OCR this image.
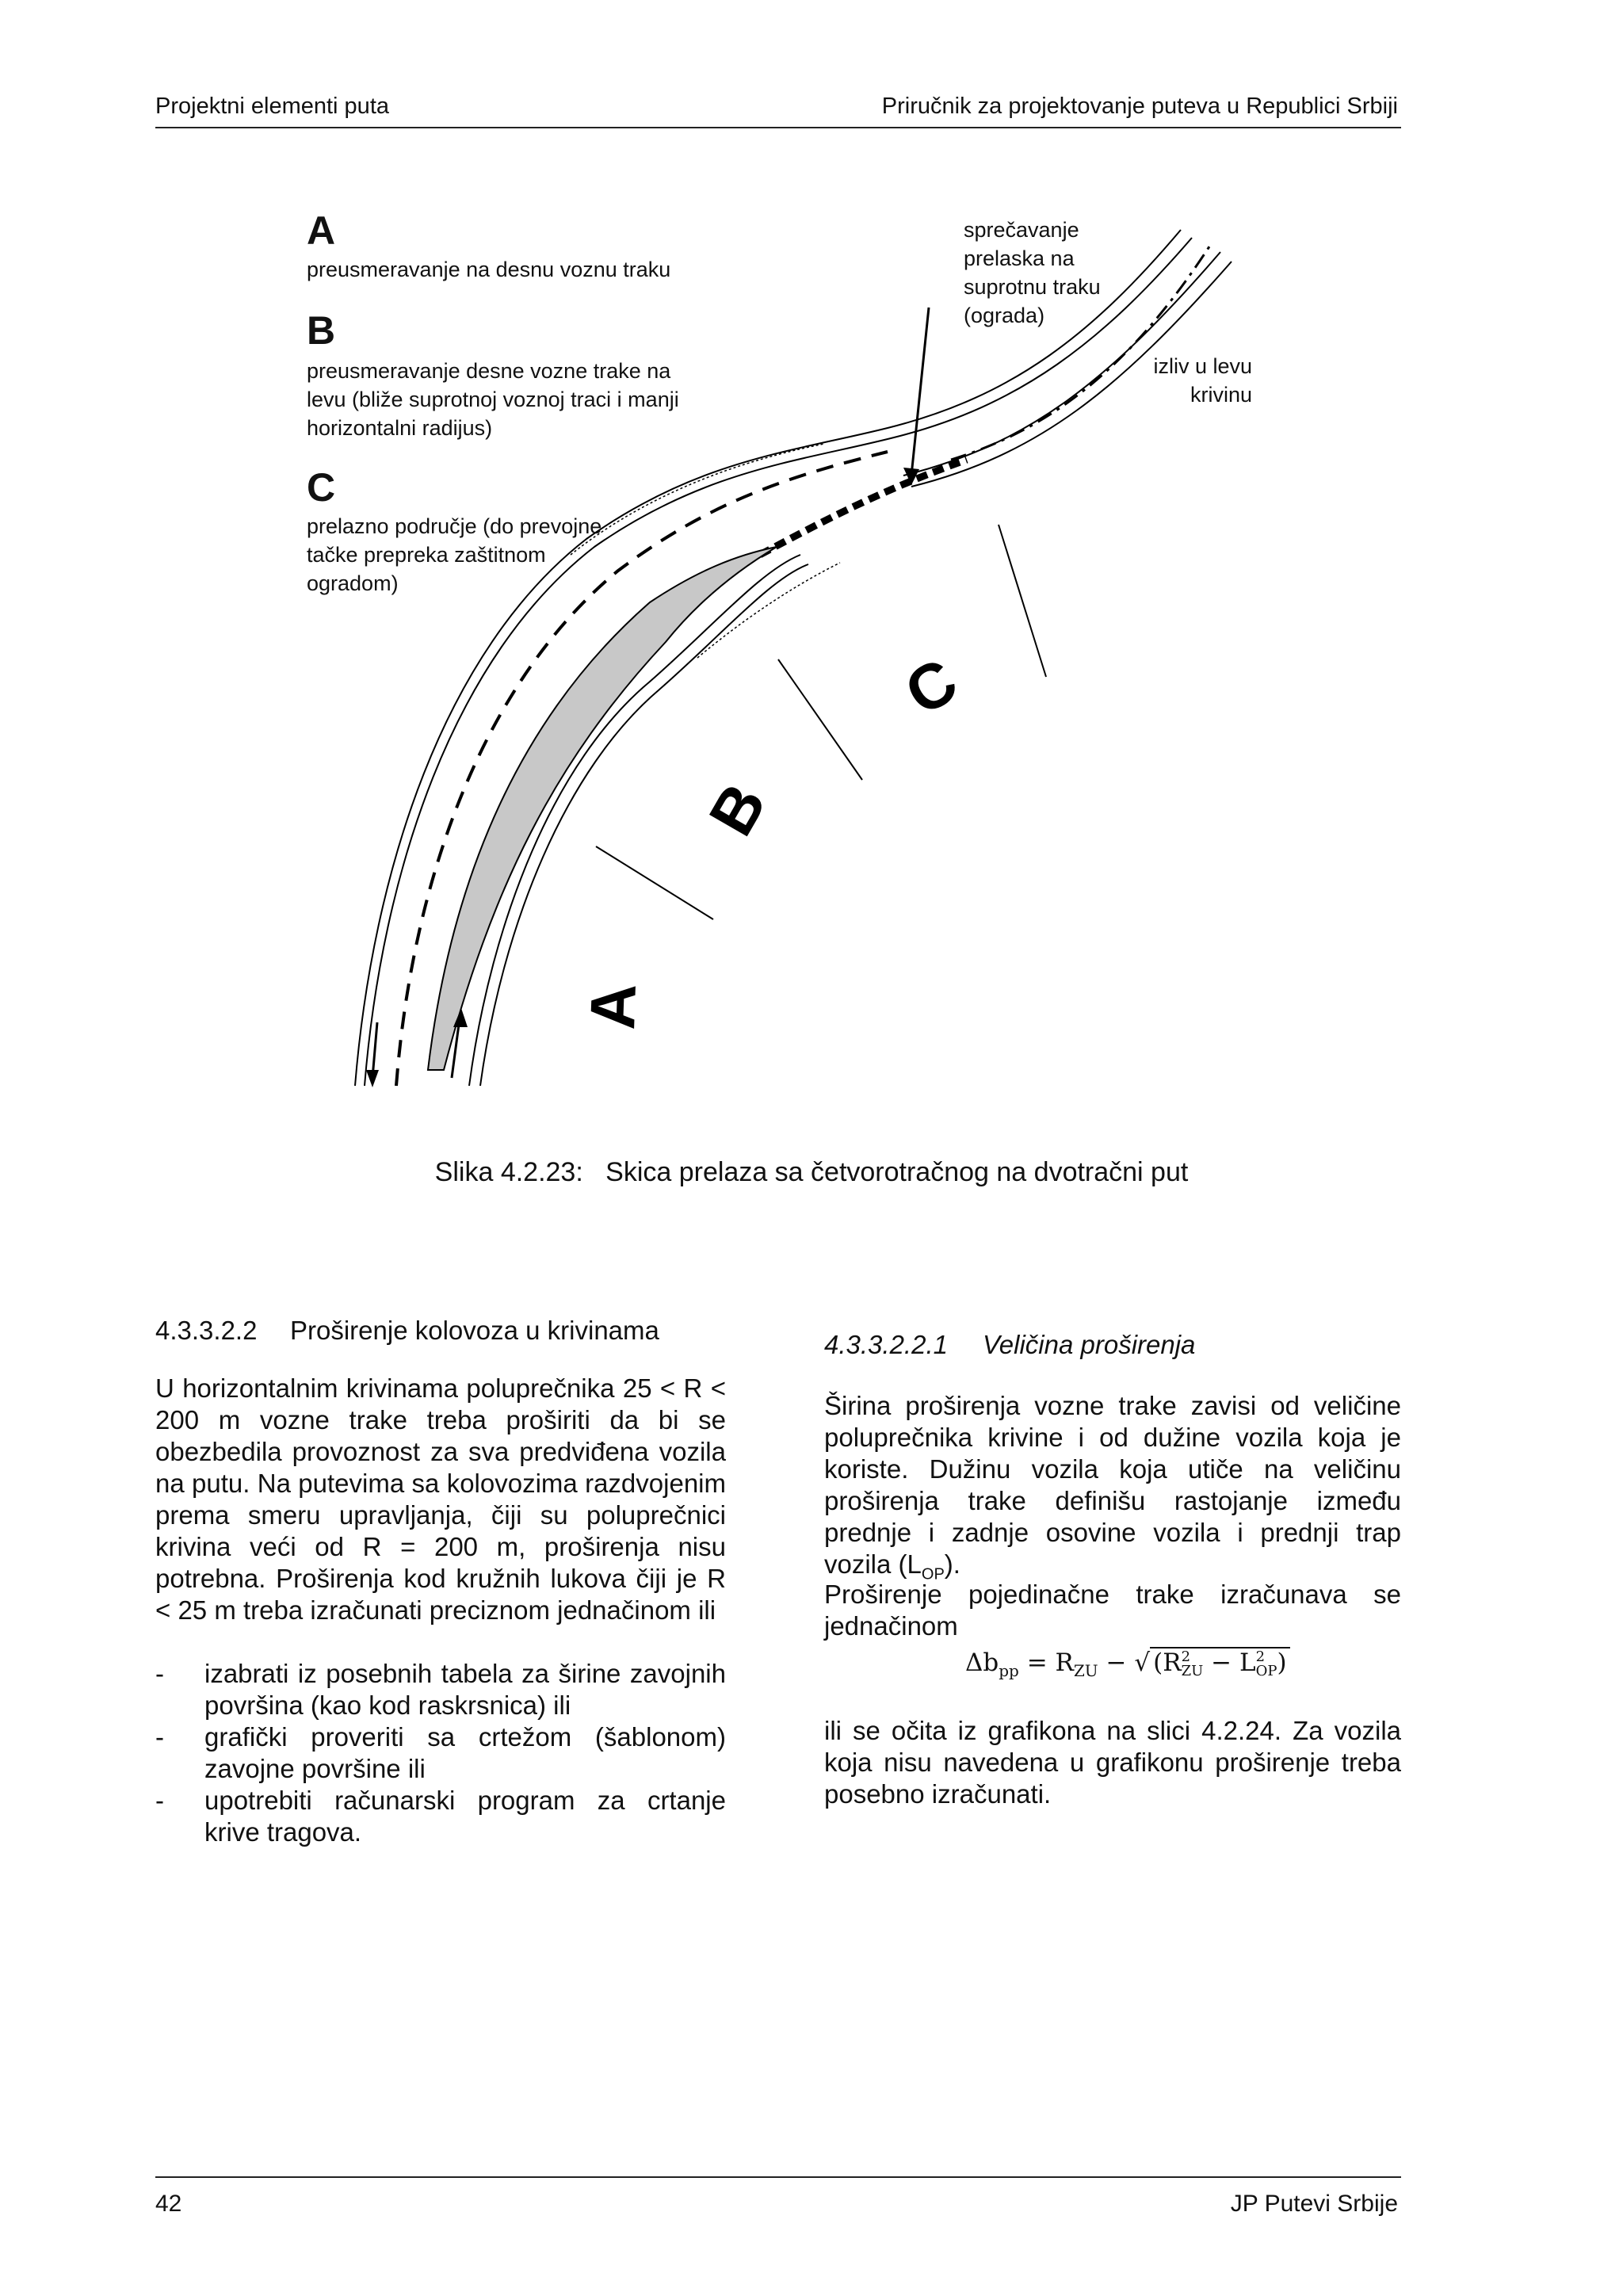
Projektni elementi puta	Priručnik za projektovanje puteva u Republici Srbiji
A
B
C
A
preusmeravanje na desnu voznu traku
B
preusmeravanje desne vozne trake na
levu (bliže suprotnoj voznoj traci i manji
horizontalni radijus)
C
prelazno područje (do prevojne
tačke prepreka zaštitnom
ogradom)
sprečavanje
prelaska na
suprotnu traku
(ograda)
izliv u levu
krivinu
Slika 4.2.23: Skica prelaza sa četvorotračnog na dvotračni put
4.3.3.2.2 Proširenje kolovoza u krivinama
U horizontalnim krivinama poluprečnika 25 < R < 200 m vozne trake treba proširiti da bi se obezbedila provoznost za sva predviđena vozila na putu. Na putevima sa kolovozima razdvojenim prema smeru upravljanja, čiji su poluprečnici krivina veći od R = 200 m, proširenja nisu potrebna. Proširenja kod kružnih lukova čiji je R < 25 m treba izračunati preciznom jednačinom ili
- izabrati iz posebnih tabela za širine zavojnih površina (kao kod raskrsnica) ili
- grafički proveriti sa crtežom (šablonom) zavojne površine ili
- upotrebiti računarski program za crtanje krive tragova.
4.3.3.2.2.1 Veličina proširenja
Širina proširenja vozne trake zavisi od veličine poluprečnika krivine i od dužine vozila koja je koriste. Dužinu vozila koja utiče na veličinu proširenja trake definišu rastojanje između prednje i zadnje osovine vozila i prednji trap vozila $(L_{OP})$.
Proširenje pojedinačne trake izračunava se jednačinom
$\Delta b_{pp} = R_{ZU}$ − √ (R 2
ZU − L 2
OP )
ili se očita iz grafikona na slici 4.2.24. Za vozila koja nisu navedena u grafikonu proširenje treba posebno izračunati.
42	JP Putevi Srbije
